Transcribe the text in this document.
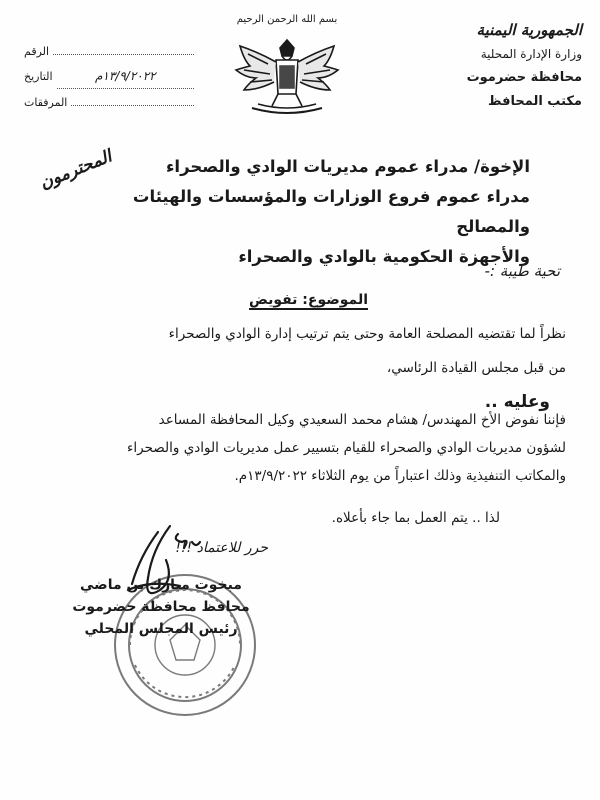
الجمهورية اليمنية
وزارة الإدارة المحلية
محافظة حضرموت
مكتب المحافظ
بسم الله الرحمن الرحيم
الرقم
التاريخ	١٣/٩/٢٠٢٢م
المرفقات
الإخوة/ مدراء عموم مديريات الوادي والصحراء
مدراء عموم فروع الوزارات والمؤسسات والهيئات والمصالح
والأجهزة الحكومية بالوادي والصحراء
المحترمون
تحية طيبة :-
الموضوع: تفويض
نظراً لما تقتضيه المصلحة العامة وحتى يتم ترتيب إدارة الوادي والصحراء
من قبل مجلس القيادة الرئاسي،
وعليه ..
فإننا نفوض الأخ المهندس/ هشام محمد السعيدي وكيل المحافظة المساعد
لشؤون مديريات الوادي والصحراء للقيام بتسيير عمل مديريات الوادي والصحراء
والمكاتب التنفيذية وذلك اعتباراً من يوم الثلاثاء ١٣/٩/٢٠٢٢م.
لذا .. يتم العمل بما جاء بأعلاه.
حرر للاعتماد !!!
مبخوت مبارك بن ماضي
محافظ محافظة حضرموت
رئيس المجلس المحلي
